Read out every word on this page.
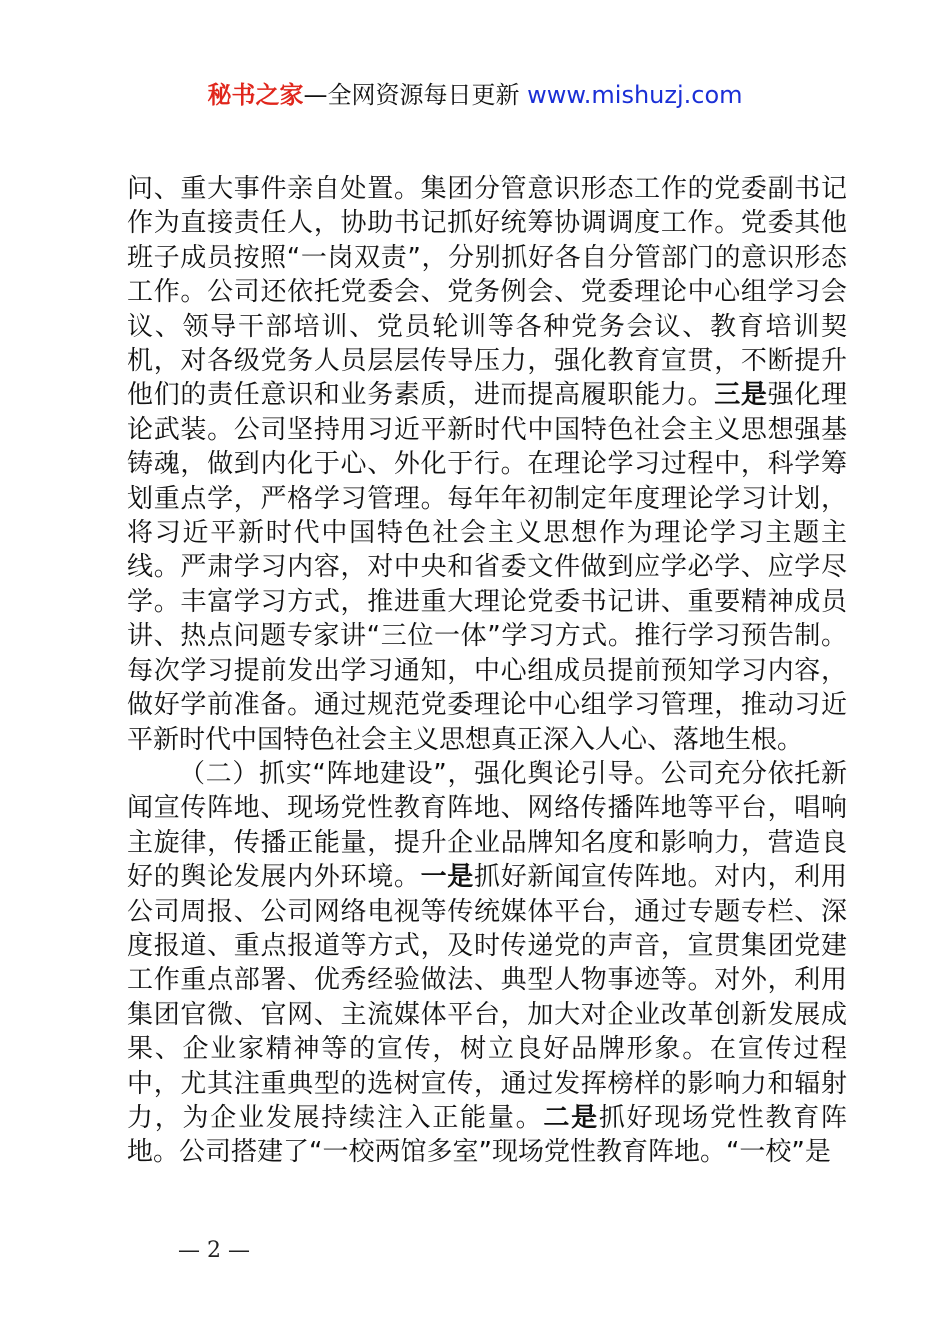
秘书之家—全网资源每日更新 www.mishuzj.com

问、重大事件亲自处置。集团分管意识形态工作的党委副书记作为直接责任人，协助书记抓好统筹协调调度工作。党委其他班子成员按照“一岗双责”，分别抓好各自分管部门的意识形态工作。公司还依托党委会、党务例会、党委理论中心组学习会议、领导干部培训、党员轮训等各种党务会议、教育培训契机，对各级党务人员层层传导压力，强化教育宣贯，不断提升他们的责任意识和业务素质，进而提高履职能力。三是强化理论武装。公司坚持用习近平新时代中国特色社会主义思想强基铸魂，做到内化于心、外化于行。在理论学习过程中，科学筹划重点学，严格学习管理。每年年初制定年度理论学习计划，将习近平新时代中国特色社会主义思想作为理论学习主题主线。严肃学习内容，对中央和省委文件做到应学必学、应学尽学。丰富学习方式，推进重大理论党委书记讲、重要精神成员讲、热点问题专家讲“三位一体”学习方式。推行学习预告制。每次学习提前发出学习通知，中心组成员提前预知学习内容，做好学前准备。通过规范党委理论中心组学习管理，推动习近平新时代中国特色社会主义思想真正深入人心、落地生根。

（二）抓实“阵地建设”，强化舆论引导。公司充分依托新闻宣传阵地、现场党性教育阵地、网络传播阵地等平台，唱响主旋律，传播正能量，提升企业品牌知名度和影响力，营造良好的舆论发展内外环境。一是抓好新闻宣传阵地。对内，利用公司周报、公司网络电视等传统媒体平台，通过专题专栏、深度报道、重点报道等方式，及时传递党的声音，宣贯集团党建工作重点部署、优秀经验做法、典型人物事迹等。对外，利用集团官微、官网、主流媒体平台，加大对企业改革创新发展成果、企业家精神等的宣传，树立良好品牌形象。在宣传过程中，尤其注重典型的选树宣传，通过发挥榜样的影响力和辐射力，为企业发展持续注入正能量。二是抓好现场党性教育阵地。公司搭建了“一校两馆多室”现场党性教育阵地。“一校”是

— 2 —
